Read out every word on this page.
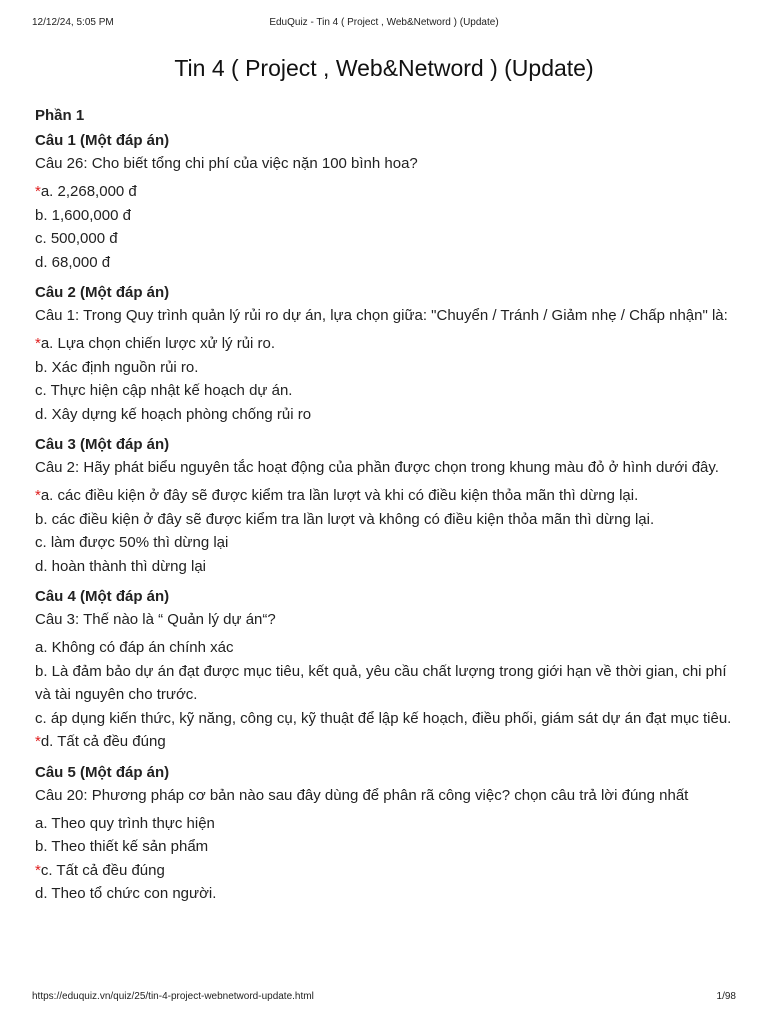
12/12/24, 5:05 PM	EduQuiz - Tin 4 ( Project , Web&Netword ) (Update)
Tin 4 ( Project , Web&Netword ) (Update)
Phần 1
Câu 1 (Một đáp án)
Câu 26: Cho biết tổng chi phí của việc nặn 100 bình hoa?
*a. 2,268,000 đ
b. 1,600,000 đ
c. 500,000 đ
d. 68,000 đ
Câu 2 (Một đáp án)
Câu 1: Trong Quy trình quản lý rủi ro dự án, lựa chọn giữa: "Chuyển / Tránh / Giảm nhẹ / Chấp nhận" là:
*a. Lựa chọn chiến lược xử lý rủi ro.
b. Xác định nguồn rủi ro.
c. Thực hiện cập nhật kế hoạch dự án.
d. Xây dựng kế hoạch phòng chống rủi ro
Câu 3 (Một đáp án)
Câu 2: Hãy phát biểu nguyên tắc hoạt động của phần được chọn trong khung màu đỏ ở hình dưới đây.
*a. các điều kiện ở đây sẽ được kiểm tra lần lượt và khi có điều kiện thỏa mãn thì dừng lại.
b. các điều kiện ở đây sẽ được kiểm tra lần lượt và không có điều kiện thỏa mãn thì dừng lại.
c. làm được 50% thì dừng lại
d. hoàn thành thì dừng lại
Câu 4 (Một đáp án)
Câu 3: Thế nào là “ Quản lý dự án“?
a. Không có đáp án chính xác
b. Là đảm bảo dự án đạt được mục tiêu, kết quả, yêu cầu chất lượng trong giới hạn về thời gian, chi phí và tài nguyên cho trước.
c. áp dụng kiến thức, kỹ năng, công cụ, kỹ thuật để lập kế hoạch, điều phối, giám sát dự án đạt mục tiêu.
*d. Tất cả đều đúng
Câu 5 (Một đáp án)
Câu 20: Phương pháp cơ bản nào sau đây dùng để phân rã công việc? chọn câu trả lời đúng nhất
a. Theo quy trình thực hiện
b. Theo thiết kế sản phẩm
*c. Tất cả đều đúng
d. Theo tổ chức con người.
https://eduquiz.vn/quiz/25/tin-4-project-webnetword-update.html	1/98
